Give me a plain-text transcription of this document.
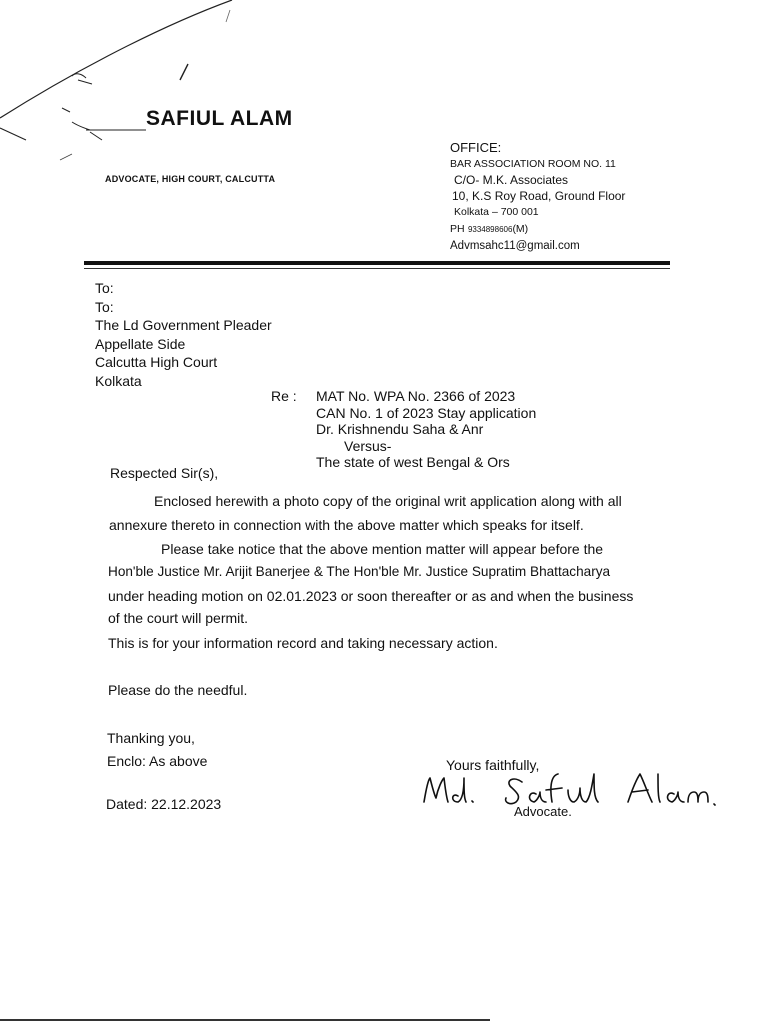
SAFIUL ALAM
ADVOCATE, HIGH COURT, CALCUTTA
OFFICE:
BAR ASSOCIATION ROOM NO. 11
C/O- M.K. Associates
10, K.S Roy Road, Ground Floor
Kolkata – 700 001
PH 9334898606(M)
Advmsahc11@gmail.com
To:
To:
The Ld Government Pleader
Appellate Side
Calcutta High Court
Kolkata
Re : MAT No. WPA No. 2366 of 2023
CAN No. 1 of 2023 Stay application
Dr. Krishnendu Saha & Anr
Versus-
The state of west Bengal & Ors
Respected Sir(s),
Enclosed herewith a photo copy of the original writ application along with all
annexure thereto in connection with the above matter which speaks for itself.
Please take notice that the above mention matter will appear before the
Hon'ble Justice Mr. Arijit Banerjee & The Hon'ble Mr. Justice Supratim Bhattacharya
under heading motion on 02.01.2023 or soon thereafter or as and when the business
of the court will permit.
This is for your information record and taking necessary action.
Please do the needful.
Thanking you,
Enclo: As above
Dated: 22.12.2023
Yours faithfully,
Advocate.
